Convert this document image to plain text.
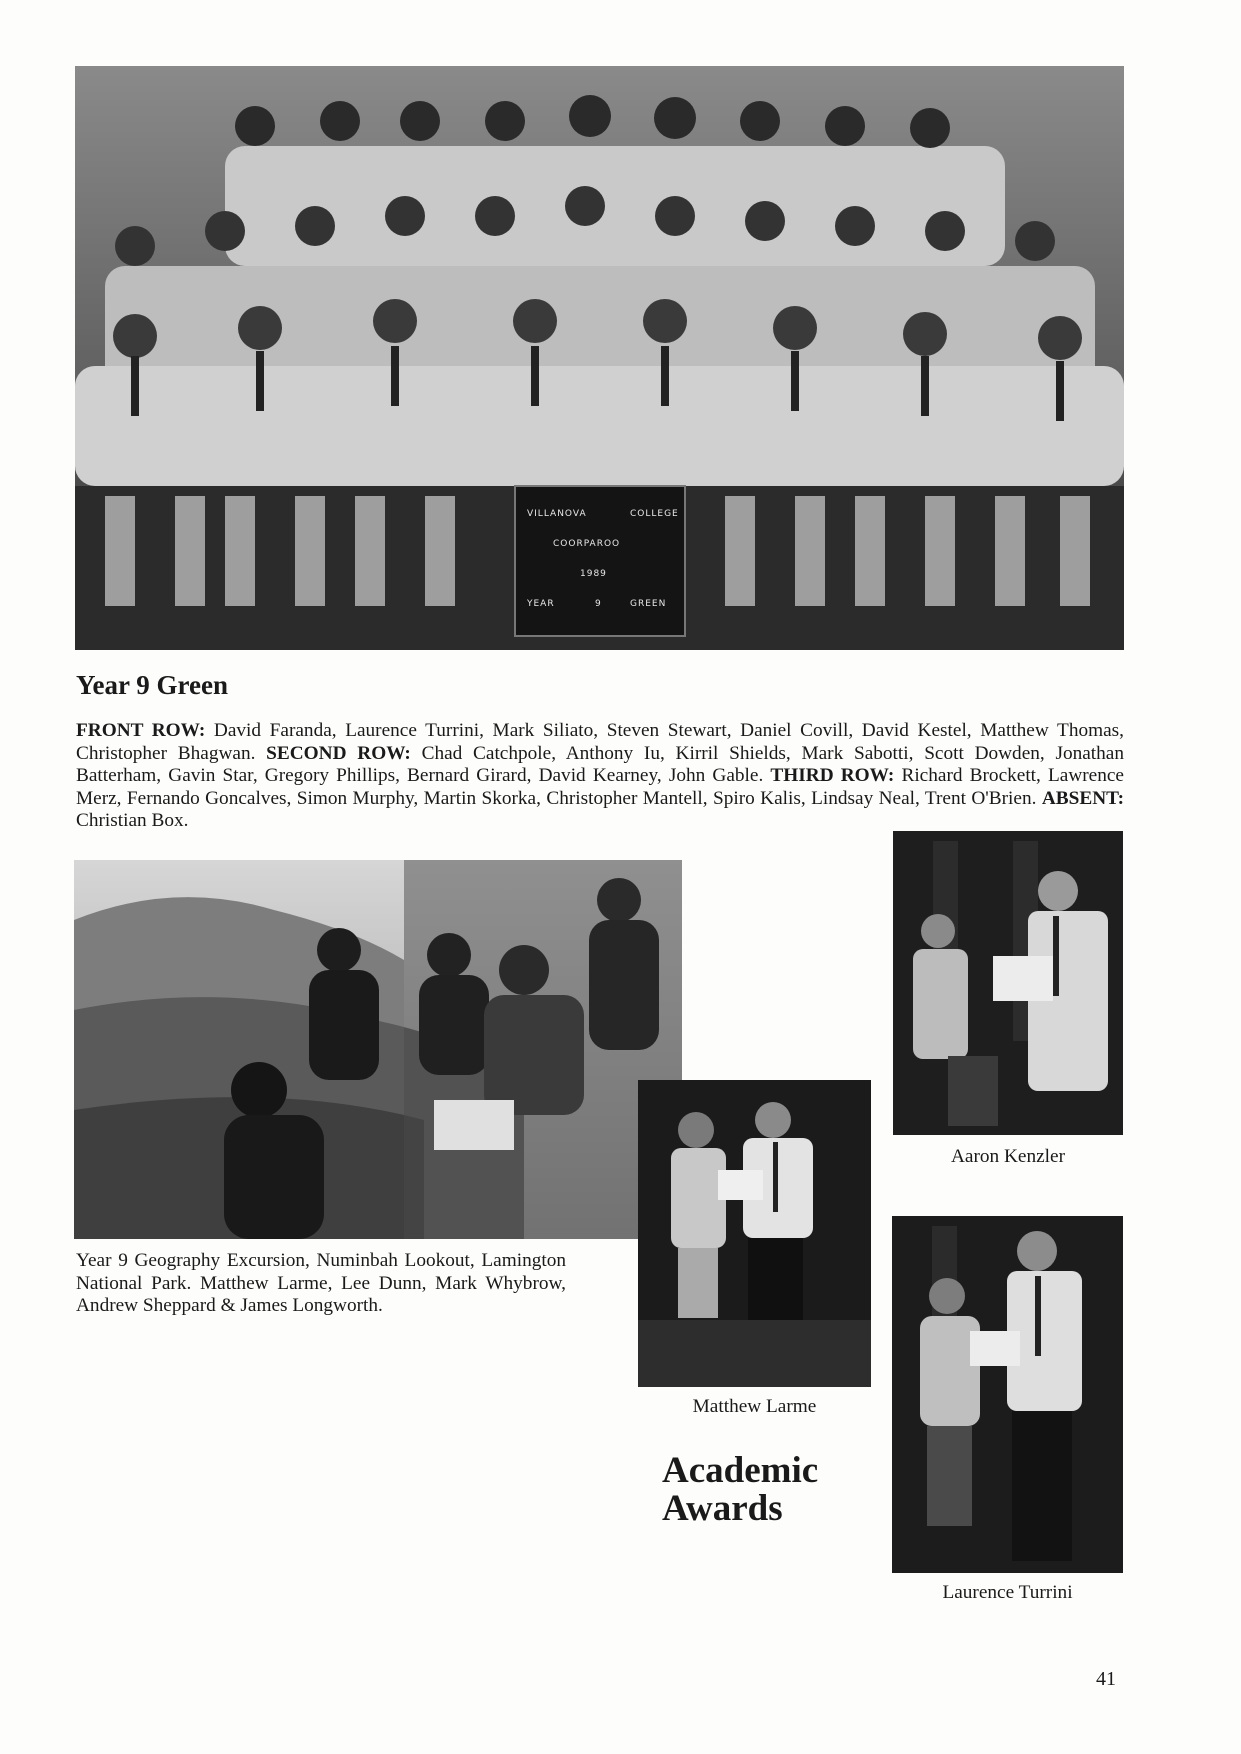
VILLANOVA	COLLEGE
COORPAROO
1989
YEAR	9	GREEN
Year 9 Green

FRONT ROW: David Faranda, Laurence Turrini, Mark Siliato, Steven Stewart, Daniel Covill, David Kestel, Matthew Thomas, Christopher Bhagwan. SECOND ROW: Chad Catchpole, Anthony Iu, Kirril Shields, Mark Sabotti, Scott Dowden, Jonathan Batterham, Gavin Star, Gregory Phillips, Bernard Girard, David Kearney, John Gable. THIRD ROW: Richard Brockett, Lawrence Merz, Fernando Goncalves, Simon Murphy, Martin Skorka, Christopher Mantell, Spiro Kalis, Lindsay Neal, Trent O'Brien. ABSENT: Christian Box.

Year 9 Geography Excursion, Numinbah Lookout, Lamington National Park. Matthew Larme, Lee Dunn, Mark Whybrow, Andrew Sheppard & James Longworth.

Aaron Kenzler

Matthew Larme

Academic
Awards

Laurence Turrini

41
